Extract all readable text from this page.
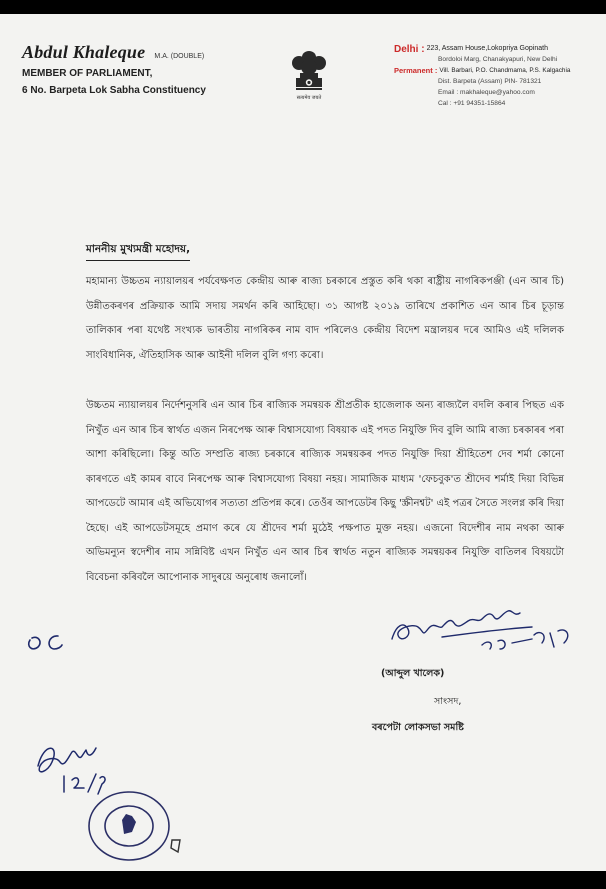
Abdul Khaleque M.A. (DOUBLE)
MEMBER OF PARLIAMENT,
6 No. Barpeta Lok Sabha Constituency
सत्यमेव जयते
Delhi : 223, Assam House,Lokopriya Gopinath
Bordoloi Marg, Chanakyapuri, New Delhi
Permanent : Vill. Barbari, P.O. Chandmama, P.S. Kalgachia
Dist. Barpeta (Assam) PIN- 781321
Email : makhaleque@yahoo.com
Cal : +91 94351-15864
মাননীয় মুখ্যমন্ত্ৰী মহোদয়,
মহামান্য উচ্চতম ন্যায়ালয়ৰ পৰ্যবেক্ষণত কেন্দ্ৰীয় আৰু ৰাজ্য চৰকাৰে প্ৰস্তুত কৰি থকা ৰাষ্ট্ৰীয় নাগৰিকপঞ্জী (এন আৰ চি) উন্নীতকৰণৰ প্ৰক্ৰিয়াক আমি সদায় সমৰ্থন কৰি আহিছো। ৩১ আগষ্ট ২০১৯ তাৰিখে প্ৰকাশিত এন আৰ চিৰ চূড়ান্ত তালিকাৰ পৰা যথেষ্ট সংখ্যক ভাৰতীয় নাগৰিকৰ নাম বাদ পৰিলেও কেন্দ্ৰীয় বিদেশ মন্ত্ৰালয়ৰ দৰে আমিও এই দলিলক সাংবিধানিক, ঐতিহাসিক আৰু আইনী দলিল বুলি গণ্য কৰো।
উচ্চতম ন্যায়ালয়ৰ নিৰ্দেশনুসৰি এন আৰ চিৰ ৰাজ্যিক সমন্বয়ক শ্ৰীপ্ৰতীক হাজেলাক অন্য ৰাজ্যলৈ বদলি কৰাৰ পিছত এক নিখুঁত এন আৰ চিৰ স্বাৰ্থত এজন নিৰপেক্ষ আৰু বিশ্বাসযোগ্য বিষয়াক এই পদত নিযুক্তি দিব বুলি আমি ৰাজ্য চৰকাৰৰ পৰা আশা কৰিছিলো। কিন্তু অতি সম্প্ৰতি ৰাজ্য চৰকাৰে ৰাজ্যিক সমন্বয়কৰ পদত নিযুক্তি দিয়া শ্ৰীহিতেশ দেব শৰ্মা কোনো কাৰণতে এই কামৰ বাবে নিৰপেক্ষ আৰু বিশ্বাসযোগ্য বিষয়া নহয়। সামাজিক মাধ্যম 'ফেচবুক'ত শ্ৰীদেব শৰ্মাই দিয়া বিভিন্ন আপডেটে আমাৰ এই অভিযোগৰ সত্যতা প্ৰতিপন্ন কৰে। তেওঁৰ আপডেটৰ কিছু 'স্ক্ৰীনশ্বট' এই পত্ৰৰ সৈতে সংলগ্ন কৰি দিয়া হৈছে। এই আপডেটসমূহে প্ৰমাণ কৰে যে শ্ৰীদেব শৰ্মা মুঠেই পক্ষপাত মুক্ত নহয়। এজনো বিদেশীৰ নাম নথকা আৰু অভিমন্যুন স্বদেশীৰ নাম সন্নিবিষ্ট এখন নিখুঁত এন আৰ চিৰ স্বাৰ্থত নতুন ৰাজ্যিক সমন্বয়কৰ নিযুক্তি বাতিলৰ বিষয়টো বিবেচনা কৰিবলৈ আপোনাক সাদুৰয়ে অনুৰোধ জনালোঁ।
(আব্দুল খালেক)
সাংসদ,
বৰপেটা লোকসভা সমষ্টি
